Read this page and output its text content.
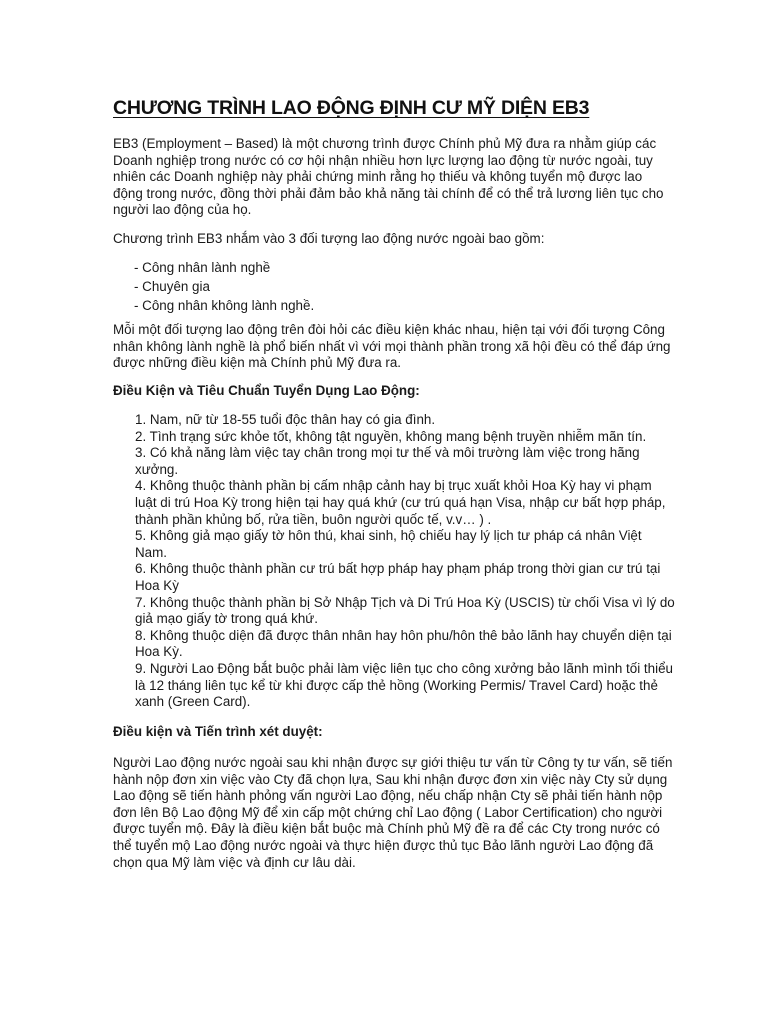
CHƯƠNG TRÌNH LAO ĐỘNG ĐỊNH CƯ MỸ DIỆN EB3

EB3 (Employment – Based) là một chương trình được Chính phủ Mỹ đưa ra nhằm giúp các Doanh nghiệp trong nước có cơ hội nhận nhiều hơn lực lượng lao động từ nước ngoài, tuy nhiên các Doanh nghiệp này phải chứng minh rằng họ thiếu và không tuyển mộ được lao động trong nước, đồng thời phải đảm bảo khả năng tài chính để có thể trả lương liên tục cho người lao động của họ.

Chương trình EB3 nhắm vào 3 đối tượng lao động nước ngoài bao gồm:

- Công nhân lành nghề
- Chuyên gia
- Công nhân không lành nghề.

Mỗi một đối tượng lao động trên đòi hỏi các điều kiện khác nhau, hiện tại với đối tượng Công nhân không lành nghề là phổ biến nhất vì với mọi thành phần trong xã hội đều có thể đáp ứng được những điều kiện mà Chính phủ Mỹ đưa ra.

Điều Kiện và Tiêu Chuẩn Tuyển Dụng Lao Động:
1. Nam, nữ từ 18-55 tuổi độc thân hay có gia đình.
2. Tình trạng sức khỏe tốt, không tật nguyền, không mang bệnh truyền nhiễm mãn tín.
3. Có khả năng làm việc tay chân trong mọi tư thế và môi trường làm việc trong hãng xưởng.
4. Không thuộc thành phần bị cấm nhập cảnh hay bị trục xuất khỏi Hoa Kỳ hay vi phạm luật di trú Hoa Kỳ trong hiện tại hay quá khứ (cư trú quá hạn Visa, nhập cư bất hợp pháp, thành phần khủng bố, rửa tiền, buôn người quốc tế, v.v… ) .
5. Không giả mạo giấy tờ hôn thú, khai sinh, hộ chiếu hay lý lịch tư pháp cá nhân Việt Nam.
6. Không thuộc thành phần cư trú bất hợp pháp hay phạm pháp trong thời gian cư trú tại Hoa Kỳ
7. Không thuộc thành phần bị Sở Nhập Tịch và Di Trú Hoa Kỳ (USCIS) từ chối Visa vì lý do giả mạo giấy tờ trong quá khứ.
8. Không thuộc diện đã được thân nhân hay hôn phu/hôn thê bảo lãnh hay chuyển diện tại Hoa Kỳ.
9. Người Lao Động bắt buộc phải làm việc liên tục cho công xưởng bảo lãnh mình tối thiểu là 12 tháng liên tục kể từ khi được cấp thẻ hồng (Working Permis/ Travel Card) hoặc thẻ xanh (Green Card).
Điều kiện và Tiến trình xét duyệt:

Người Lao động nước ngoài sau khi nhận được sự giới thiệu tư vấn từ Công ty tư vấn, sẽ tiến hành nộp đơn xin việc vào Cty đã chọn lựa, Sau khi nhận được đơn xin việc này Cty sử dụng Lao động sẽ tiến hành phỏng vấn người Lao động, nếu chấp nhận Cty sẽ phải tiến hành nộp đơn lên Bộ Lao động Mỹ để xin cấp một chứng chỉ Lao động ( Labor Certification) cho người được tuyển mộ. Đây là điều kiện bắt buộc mà Chính phủ Mỹ đề ra để các Cty trong nước có thể tuyển mộ Lao động nước ngoài và thực hiện được thủ tục Bảo lãnh người Lao động đã chọn qua Mỹ làm việc và định cư lâu dài.
